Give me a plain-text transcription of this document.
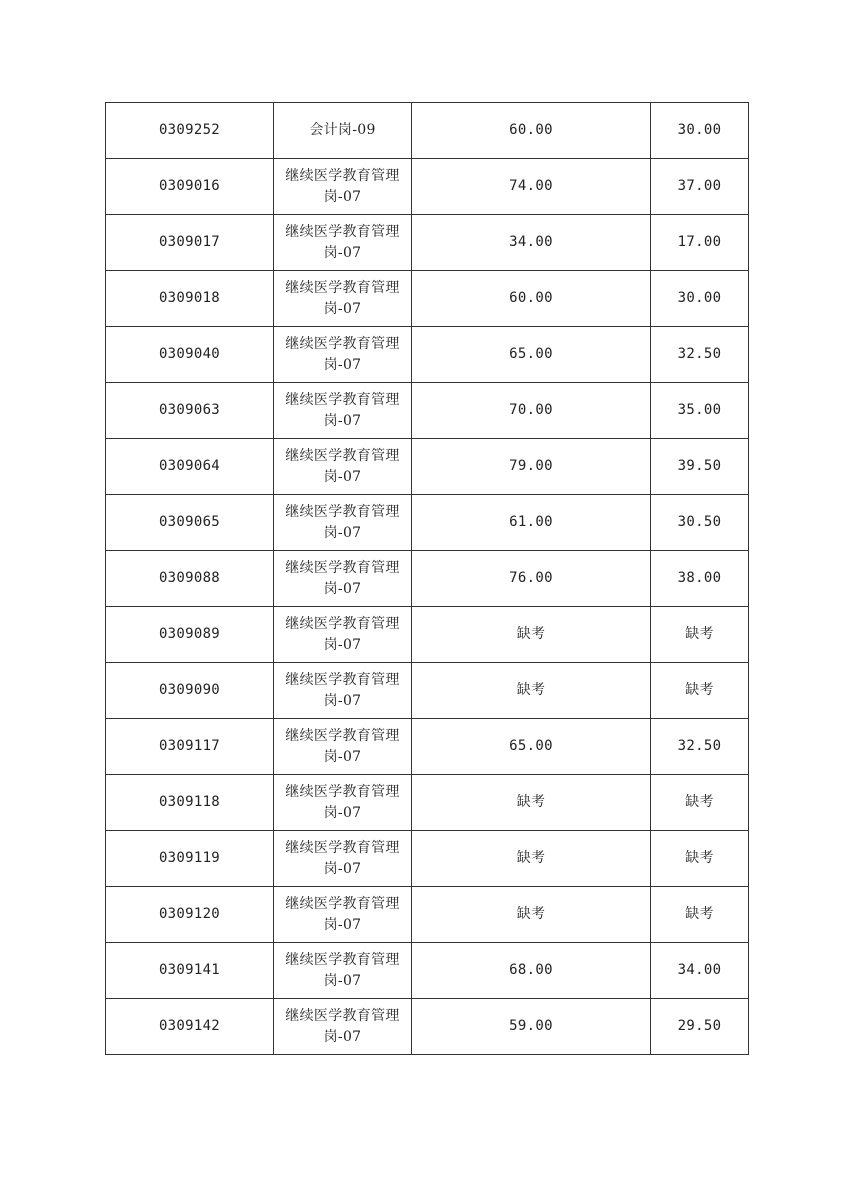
0309252	会计岗-09	60.00	30.00
0309016	继续医学教育管理岗-07	74.00	37.00
0309017	继续医学教育管理岗-07	34.00	17.00
0309018	继续医学教育管理岗-07	60.00	30.00
0309040	继续医学教育管理岗-07	65.00	32.50
0309063	继续医学教育管理岗-07	70.00	35.00
0309064	继续医学教育管理岗-07	79.00	39.50
0309065	继续医学教育管理岗-07	61.00	30.50
0309088	继续医学教育管理岗-07	76.00	38.00
0309089	继续医学教育管理岗-07	缺考	缺考
0309090	继续医学教育管理岗-07	缺考	缺考
0309117	继续医学教育管理岗-07	65.00	32.50
0309118	继续医学教育管理岗-07	缺考	缺考
0309119	继续医学教育管理岗-07	缺考	缺考
0309120	继续医学教育管理岗-07	缺考	缺考
0309141	继续医学教育管理岗-07	68.00	34.00
0309142	继续医学教育管理岗-07	59.00	29.50
